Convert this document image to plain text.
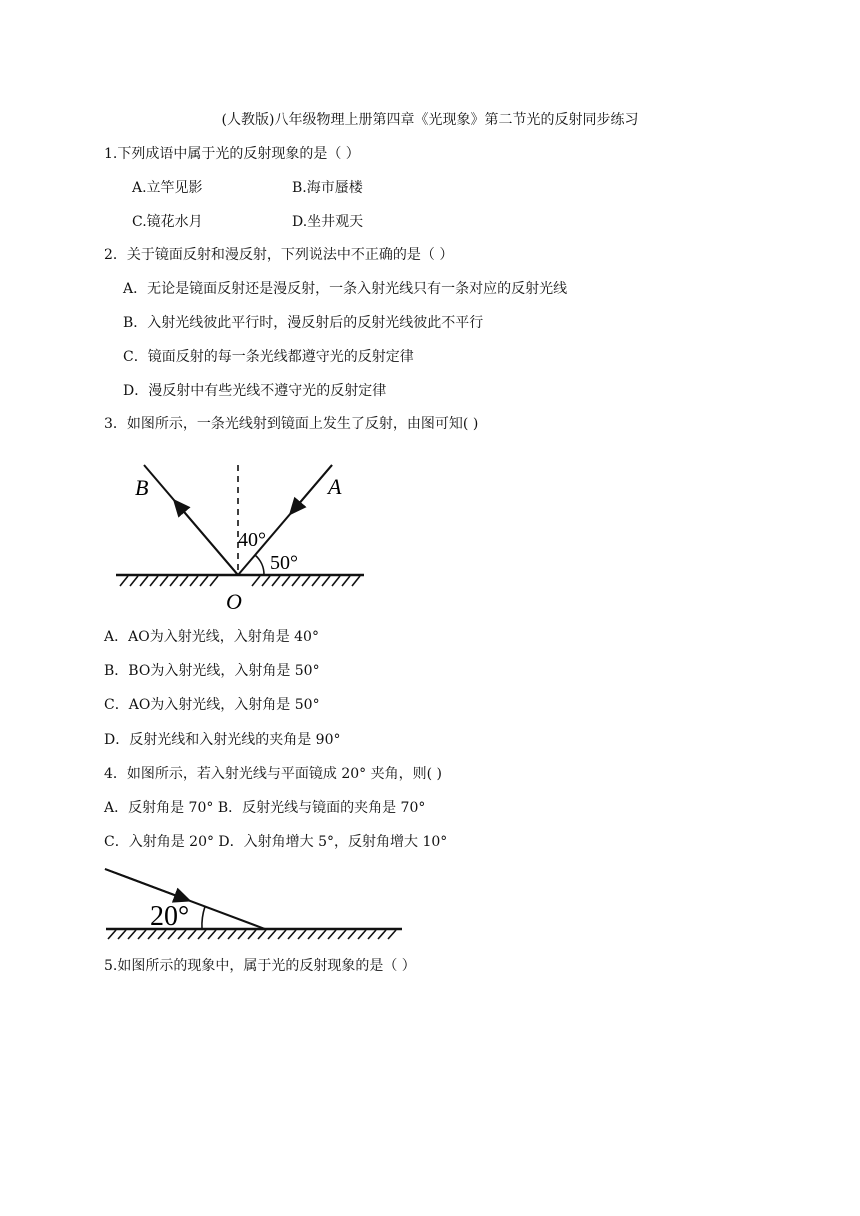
(人教版)八年级物理上册第四章《光现象》第二节光的反射同步练习
1.下列成语中属于光的反射现象的是（ ）
A.立竿见影	B.海市蜃楼
C.镜花水月	D.坐井观天
2．关于镜面反射和漫反射，下列说法中不正确的是（ ）
A．无论是镜面反射还是漫反射，一条入射光线只有一条对应的反射光线
B．入射光线彼此平行时，漫反射后的反射光线彼此不平行
C．镜面反射的每一条光线都遵守光的反射定律
D．漫反射中有些光线不遵守光的反射定律
3．如图所示，一条光线射到镜面上发生了反射，由图可知( )
B	A
O
40°
50°
A．AO为入射光线，入射角是 40°
B．BO为入射光线，入射角是 50°
C．AO为入射光线，入射角是 50°
D．反射光线和入射光线的夹角是 90°
4．如图所示，若入射光线与平面镜成 20° 夹角，则( )
A．反射角是 70° B．反射光线与镜面的夹角是 70°
C．入射角是 20° D．入射角增大 5°，反射角增大 10°
20°
5.如图所示的现象中，属于光的反射现象的是（ ）
